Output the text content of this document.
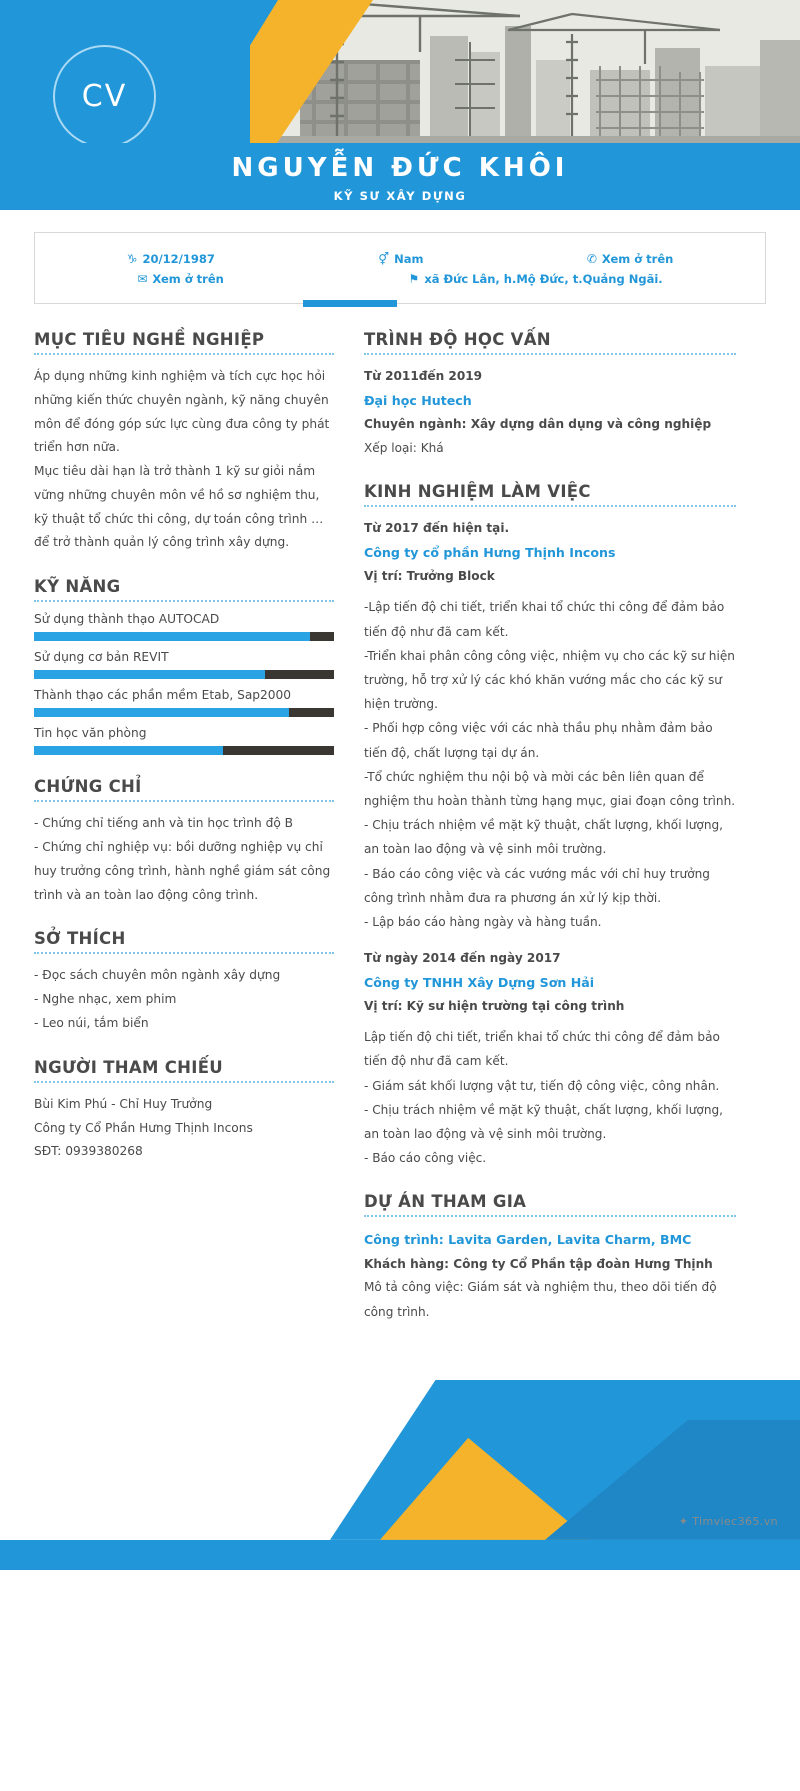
CV
NGUYỄN ĐỨC KHÔI
KỸ SƯ XÂY DỰNG
♑ 20/12/1987	⚥ Nam	✆ Xem ở trên
✉ Xem ở trên	⚑ xã Đức Lân, h.Mộ Đức, t.Quảng Ngãi.
MỤC TIÊU NGHỀ NGHIỆP

Áp dụng những kinh nghiệm và tích cực học hỏi những kiến thức chuyên ngành, kỹ năng chuyên môn để đóng góp sức lực cùng đưa công ty phát triển hơn nữa.

Mục tiêu dài hạn là trở thành 1 kỹ sư giỏi nắm vững những chuyên môn về hồ sơ nghiệm thu, kỹ thuật tổ chức thi công, dự toán công trình … để trở thành quản lý công trình xây dựng.

KỸ NĂNG
Sử dụng thành thạo AUTOCAD
Sử dụng cơ bản REVIT
Thành thạo các phần mềm Etab, Sap2000
Tin học văn phòng
CHỨNG CHỈ
- Chứng chỉ tiếng anh và tin học trình độ B
- Chứng chỉ nghiệp vụ: bồi dưỡng nghiệp vụ chỉ huy trưởng công trình, hành nghề giám sát công trình và an toàn lao động công trình.
SỞ THÍCH
- Đọc sách chuyên môn ngành xây dựng
- Nghe nhạc, xem phim
- Leo núi, tắm biển
NGƯỜI THAM CHIẾU
Bùi Kim Phú - Chỉ Huy Trưởng
Công ty Cổ Phần Hưng Thịnh Incons
SĐT: 0939380268
TRÌNH ĐỘ HỌC VẤN

Từ 2011đến 2019

Đại học Hutech

Chuyên ngành: Xây dựng dân dụng và công nghiệp

Xếp loại: Khá

KINH NGHIỆM LÀM VIỆC

Từ 2017 đến hiện tại.

Công ty cổ phần Hưng Thịnh Incons

Vị trí: Trưởng Block

-Lập tiến độ chi tiết, triển khai tổ chức thi công để đảm bảo tiến độ như đã cam kết.

-Triển khai phân công công việc, nhiệm vụ cho các kỹ sư hiện trường, hỗ trợ xử lý các khó khăn vướng mắc cho các kỹ sư hiện trường.

- Phối hợp công việc với các nhà thầu phụ nhằm đảm bảo tiến độ, chất lượng tại dự án.

-Tổ chức nghiệm thu nội bộ và mời các bên liên quan để nghiệm thu hoàn thành từng hạng mục, giai đoạn công trình.

- Chịu trách nhiệm về mặt kỹ thuật, chất lượng, khối lượng, an toàn lao động và vệ sinh môi trường.

- Báo cáo công việc và các vướng mắc với chỉ huy trưởng công trình nhằm đưa ra phương án xử lý kịp thời.

- Lập báo cáo hàng ngày và hàng tuần.

Từ ngày 2014 đến ngày 2017

Công ty TNHH Xây Dựng Sơn Hải

Vị trí: Kỹ sư hiện trường tại công trình

Lập tiến độ chi tiết, triển khai tổ chức thi công để đảm bảo tiến độ như đã cam kết.

- Giám sát khối lượng vật tư, tiến độ công việc, công nhân.

- Chịu trách nhiệm về mặt kỹ thuật, chất lượng, khối lượng, an toàn lao động và vệ sinh môi trường.

- Báo cáo công việc.

DỰ ÁN THAM GIA

Công trình: Lavita Garden, Lavita Charm, BMC

Khách hàng: Công ty Cổ Phần tập đoàn Hưng Thịnh

Mô tả công việc: Giám sát và nghiệm thu, theo dõi tiến độ công trình.

✦ Timviec365.vn
